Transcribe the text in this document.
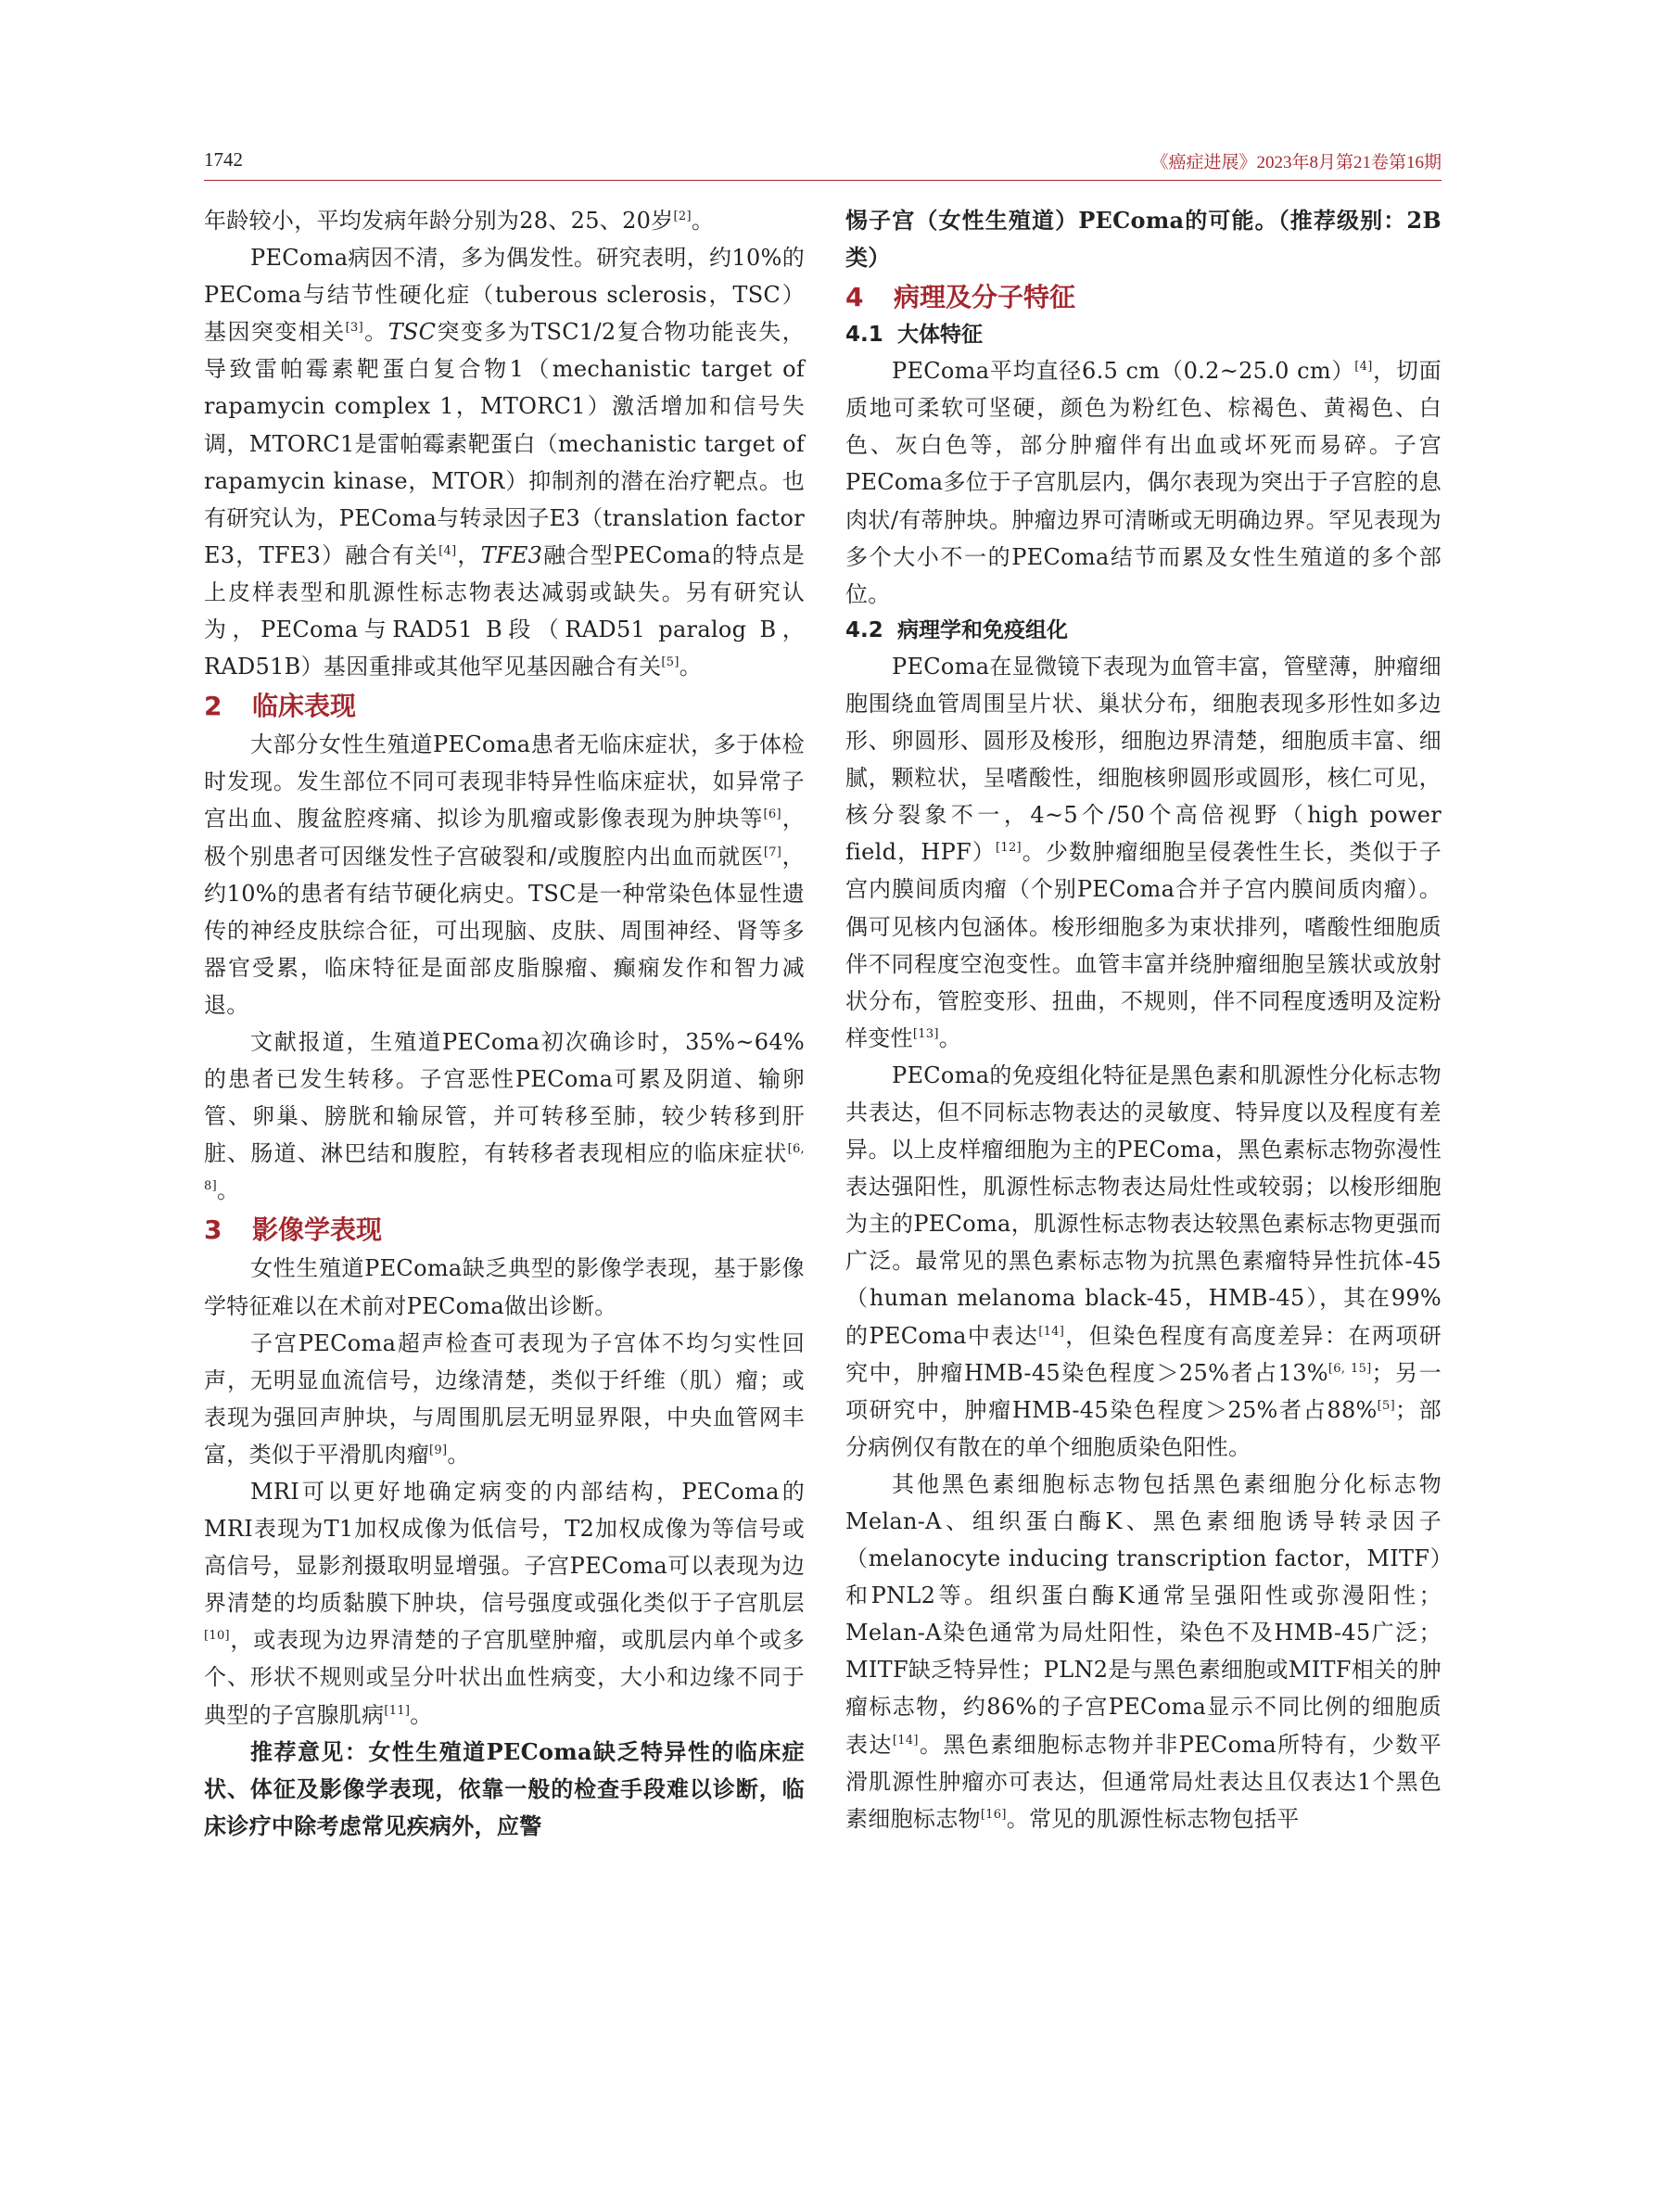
1742	《癌症进展》2023年8月第21卷第16期

年龄较小，平均发病年龄分别为28、25、20岁[2]。

PEComa病因不清，多为偶发性。研究表明，约10%的PEComa与结节性硬化症（tuberous sclerosis，TSC）基因突变相关[3]。TSC突变多为TSC1/2复合物功能丧失，导致雷帕霉素靶蛋白复合物1（mechanistic target of rapamycin complex 1，MTORC1）激活增加和信号失调，MTORC1是雷帕霉素靶蛋白（mechanistic target of rapamycin kinase，MTOR）抑制剂的潜在治疗靶点。也有研究认为，PEComa与转录因子E3（translation factor E3，TFE3）融合有关[4]，TFE3融合型PEComa的特点是上皮样表型和肌源性标志物表达减弱或缺失。另有研究认为，PEComa与RAD51 B段（RAD51 paralog B，RAD51B）基因重排或其他罕见基因融合有关[5]。

2 临床表现

大部分女性生殖道PEComa患者无临床症状，多于体检时发现。发生部位不同可表现非特异性临床症状，如异常子宫出血、腹盆腔疼痛、拟诊为肌瘤或影像表现为肿块等[6]，极个别患者可因继发性子宫破裂和/或腹腔内出血而就医[7]，约10%的患者有结节硬化病史。TSC是一种常染色体显性遗传的神经皮肤综合征，可出现脑、皮肤、周围神经、肾等多器官受累，临床特征是面部皮脂腺瘤、癫痫发作和智力减退。

文献报道，生殖道PEComa初次确诊时，35%~64%的患者已发生转移。子宫恶性PEComa可累及阴道、输卵管、卵巢、膀胱和输尿管，并可转移至肺，较少转移到肝脏、肠道、淋巴结和腹腔，有转移者表现相应的临床症状[6, 8]。

3 影像学表现

女性生殖道PEComa缺乏典型的影像学表现，基于影像学特征难以在术前对PEComa做出诊断。

子宫PEComa超声检查可表现为子宫体不均匀实性回声，无明显血流信号，边缘清楚，类似于纤维（肌）瘤；或表现为强回声肿块，与周围肌层无明显界限，中央血管网丰富，类似于平滑肌肉瘤[9]。

MRI可以更好地确定病变的内部结构，PEComa的MRI表现为T1加权成像为低信号，T2加权成像为等信号或高信号，显影剂摄取明显增强。子宫PEComa可以表现为边界清楚的均质黏膜下肿块，信号强度或强化类似于子宫肌层[10]，或表现为边界清楚的子宫肌壁肿瘤，或肌层内单个或多个、形状不规则或呈分叶状出血性病变，大小和边缘不同于典型的子宫腺肌病[11]。

推荐意见：女性生殖道PEComa缺乏特异性的临床症状、体征及影像学表现，依靠一般的检查手段难以诊断，临床诊疗中除考虑常见疾病外，应警

惕子宫（女性生殖道）PEComa的可能。（推荐级别：2B类）

4 病理及分子特征
4.1 大体特征

PEComa平均直径6.5 cm（0.2~25.0 cm）[4]，切面质地可柔软可坚硬，颜色为粉红色、棕褐色、黄褐色、白色、灰白色等，部分肿瘤伴有出血或坏死而易碎。子宫PEComa多位于子宫肌层内，偶尔表现为突出于子宫腔的息肉状/有蒂肿块。肿瘤边界可清晰或无明确边界。罕见表现为多个大小不一的PEComa结节而累及女性生殖道的多个部位。

4.2 病理学和免疫组化

PEComa在显微镜下表现为血管丰富，管壁薄，肿瘤细胞围绕血管周围呈片状、巢状分布，细胞表现多形性如多边形、卵圆形、圆形及梭形，细胞边界清楚，细胞质丰富、细腻，颗粒状，呈嗜酸性，细胞核卵圆形或圆形，核仁可见，核分裂象不一，4~5个/50个高倍视野（high power field，HPF）[12]。少数肿瘤细胞呈侵袭性生长，类似于子宫内膜间质肉瘤（个别PEComa合并子宫内膜间质肉瘤）。偶可见核内包涵体。梭形细胞多为束状排列，嗜酸性细胞质伴不同程度空泡变性。血管丰富并绕肿瘤细胞呈簇状或放射状分布，管腔变形、扭曲，不规则，伴不同程度透明及淀粉样变性[13]。

PEComa的免疫组化特征是黑色素和肌源性分化标志物共表达，但不同标志物表达的灵敏度、特异度以及程度有差异。以上皮样瘤细胞为主的PEComa，黑色素标志物弥漫性表达强阳性，肌源性标志物表达局灶性或较弱；以梭形细胞为主的PEComa，肌源性标志物表达较黑色素标志物更强而广泛。最常见的黑色素标志物为抗黑色素瘤特异性抗体-45（human melanoma black-45，HMB-45），其在99%的PEComa中表达[14]，但染色程度有高度差异：在两项研究中，肿瘤HMB-45染色程度＞25%者占13%[6, 15]；另一项研究中，肿瘤HMB-45染色程度＞25%者占88%[5]；部分病例仅有散在的单个细胞质染色阳性。

其他黑色素细胞标志物包括黑色素细胞分化标志物Melan-A、组织蛋白酶K、黑色素细胞诱导转录因子（melanocyte inducing transcription factor，MITF）和PNL2等。组织蛋白酶K通常呈强阳性或弥漫阳性；Melan-A染色通常为局灶阳性，染色不及HMB-45广泛；MITF缺乏特异性；PLN2是与黑色素细胞或MITF相关的肿瘤标志物，约86%的子宫PEComa显示不同比例的细胞质表达[14]。黑色素细胞标志物并非PEComa所特有，少数平滑肌源性肿瘤亦可表达，但通常局灶表达且仅表达1个黑色素细胞标志物[16]。常见的肌源性标志物包括平
